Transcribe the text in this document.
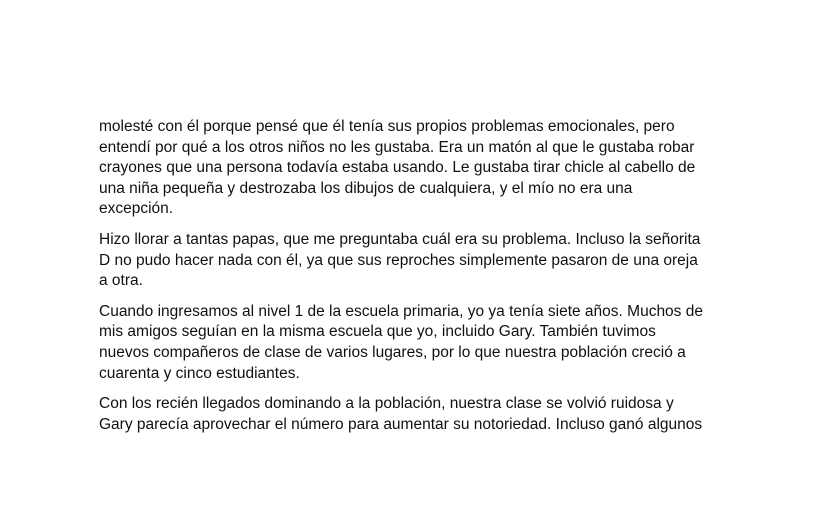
molesté con él porque pensé que él tenía sus propios problemas emocionales, pero
entendí por qué a los otros niños no les gustaba. Era un matón al que le gustaba robar
crayones que una persona todavía estaba usando. Le gustaba tirar chicle al cabello de
una niña pequeña y destrozaba los dibujos de cualquiera, y el mío no era una
excepción.

Hizo llorar a tantas papas, que me preguntaba cuál era su problema. Incluso la señorita
D no pudo hacer nada con él, ya que sus reproches simplemente pasaron de una oreja
a otra.

Cuando ingresamos al nivel 1 de la escuela primaria, yo ya tenía siete años. Muchos de
mis amigos seguían en la misma escuela que yo, incluido Gary. También tuvimos
nuevos compañeros de clase de varios lugares, por lo que nuestra población creció a
cuarenta y cinco estudiantes.

Con los recién llegados dominando a la población, nuestra clase se volvió ruidosa y
Gary parecía aprovechar el número para aumentar su notoriedad. Incluso ganó algunos
